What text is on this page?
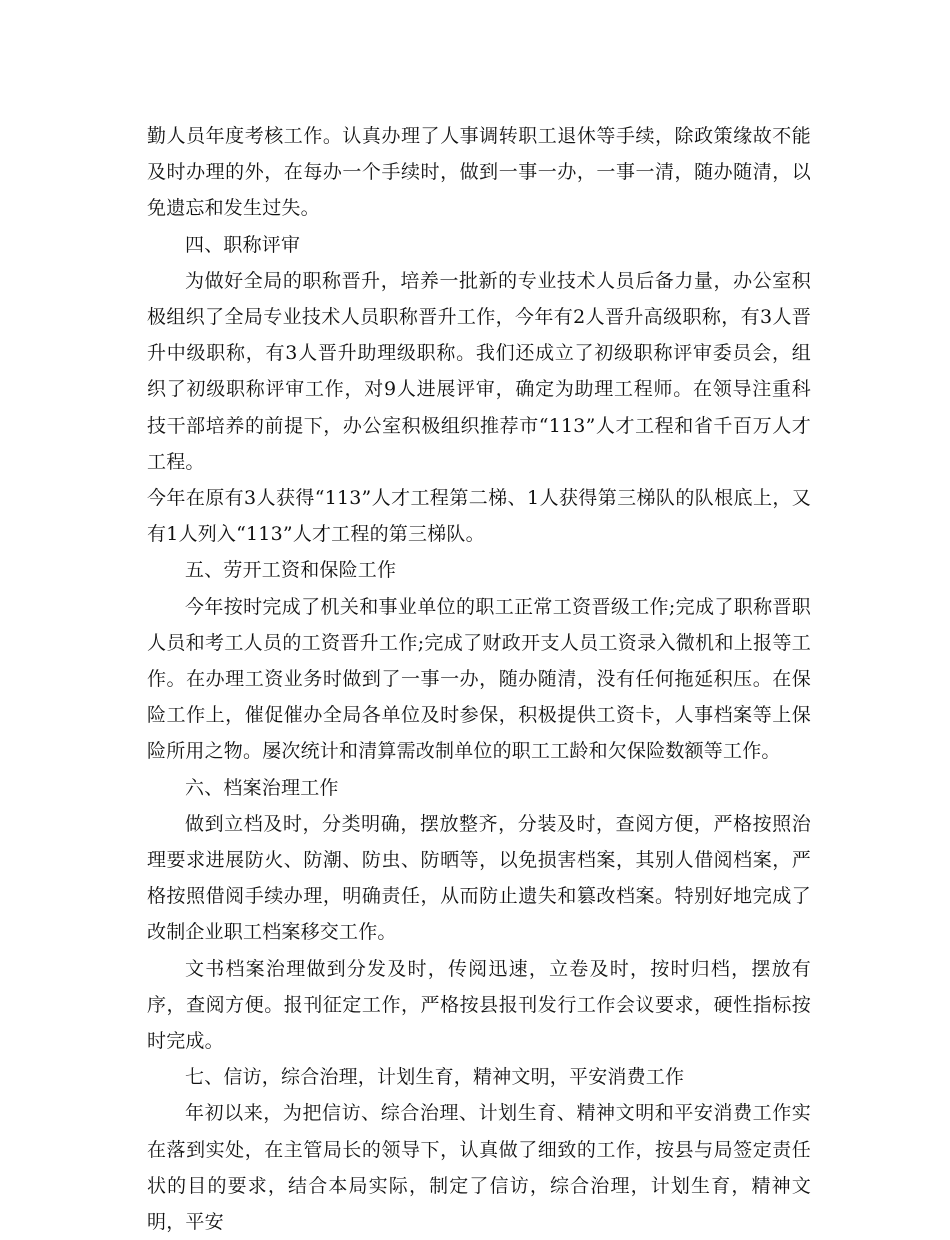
勤人员年度考核工作。认真办理了人事调转职工退休等手续，除政策缘故不能及时办理的外，在每办一个手续时，做到一事一办，一事一清，随办随清，以免遗忘和发生过失。

四、职称评审

为做好全局的职称晋升，培养一批新的专业技术人员后备力量，办公室积极组织了全局专业技术人员职称晋升工作，今年有2人晋升高级职称，有3人晋升中级职称，有3人晋升助理级职称。我们还成立了初级职称评审委员会，组织了初级职称评审工作，对9人进展评审，确定为助理工程师。在领导注重科技干部培养的前提下，办公室积极组织推荐市“113”人才工程和省千百万人才工程。

今年在原有3人获得“113”人才工程第二梯、1人获得第三梯队的队根底上，又有1人列入“113”人才工程的第三梯队。

五、劳开工资和保险工作

今年按时完成了机关和事业单位的职工正常工资晋级工作;完成了职称晋职人员和考工人员的工资晋升工作;完成了财政开支人员工资录入微机和上报等工作。在办理工资业务时做到了一事一办，随办随清，没有任何拖延积压。在保险工作上，催促催办全局各单位及时参保，积极提供工资卡，人事档案等上保险所用之物。屡次统计和清算需改制单位的职工工龄和欠保险数额等工作。

六、档案治理工作

做到立档及时，分类明确，摆放整齐，分装及时，查阅方便，严格按照治理要求进展防火、防潮、防虫、防晒等，以免损害档案，其别人借阅档案，严格按照借阅手续办理，明确责任，从而防止遗失和篡改档案。特别好地完成了改制企业职工档案移交工作。

文书档案治理做到分发及时，传阅迅速，立卷及时，按时归档，摆放有序，查阅方便。报刊征定工作，严格按县报刊发行工作会议要求，硬性指标按时完成。

七、信访，综合治理，计划生育，精神文明，平安消费工作

年初以来，为把信访、综合治理、计划生育、精神文明和平安消费工作实在落到实处，在主管局长的领导下，认真做了细致的工作，按县与局签定责任状的目的要求，结合本局实际，制定了信访，综合治理，计划生育，精神文明，平安
